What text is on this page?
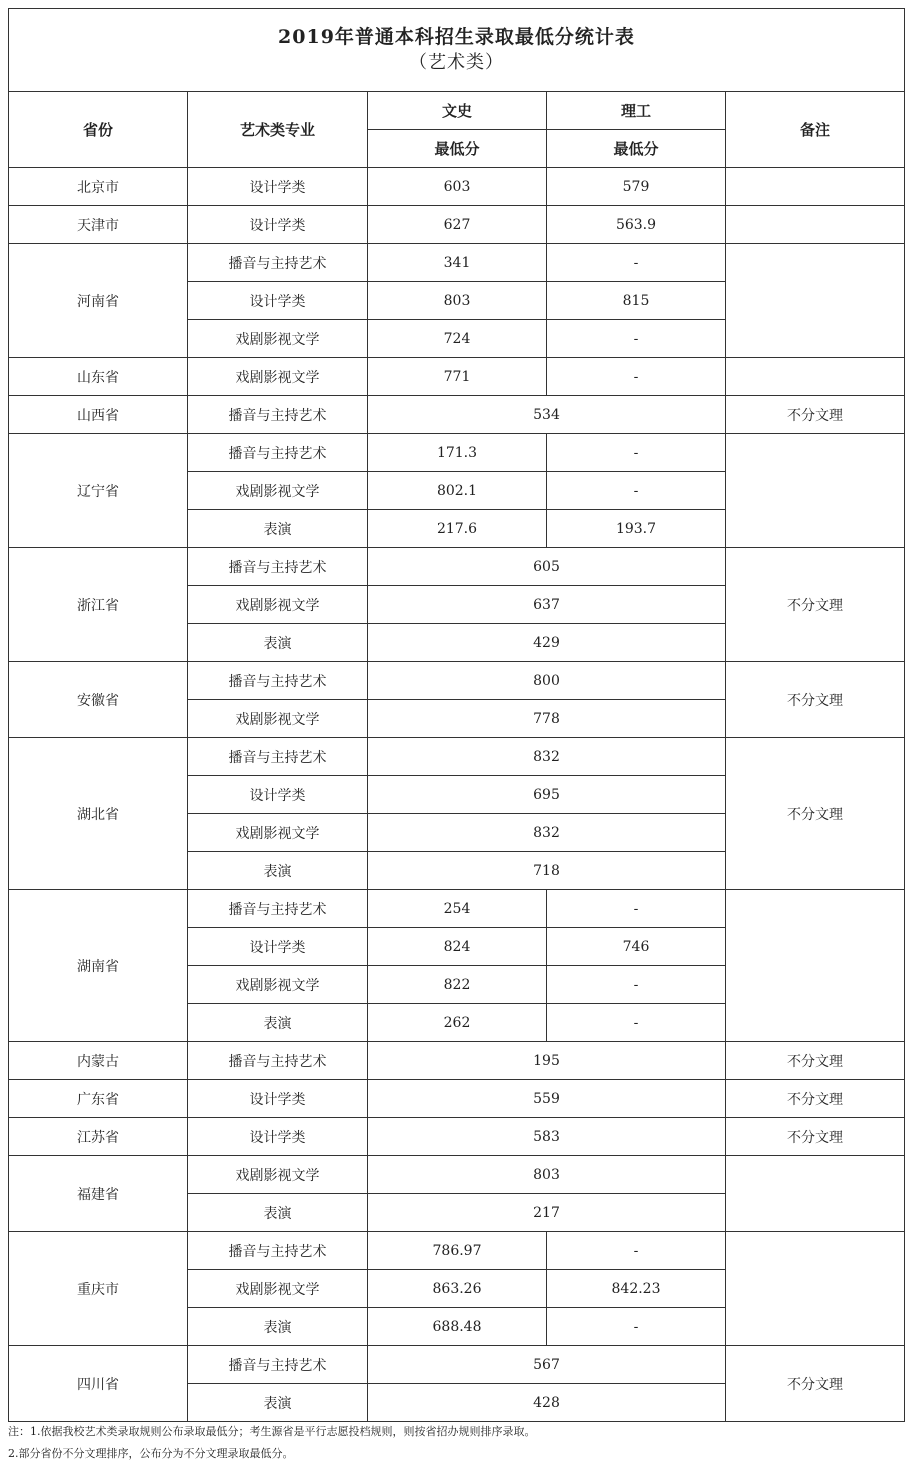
2019年普通本科招生录取最低分统计表
（艺术类）				

省份	艺术类专业	文史	理工	备注
		最低分	最低分	
北京市	设计学类	603	579	
天津市	设计学类	627	563.9	
河南省	播音与主持艺术	341	-	
	设计学类	803	815	
	戏剧影视文学	724	-	
山东省	戏剧影视文学	771	-	
山西省	播音与主持艺术	534		不分文理
辽宁省	播音与主持艺术	171.3	-	
	戏剧影视文学	802.1	-	
	表演	217.6	193.7	
浙江省	播音与主持艺术	605		不分文理
	戏剧影视文学	637		
	表演	429		
安徽省	播音与主持艺术	800		不分文理
	戏剧影视文学	778		
湖北省	播音与主持艺术	832		不分文理
	设计学类	695		
	戏剧影视文学	832		
	表演	718		
湖南省	播音与主持艺术	254	-	
	设计学类	824	746	
	戏剧影视文学	822	-	
	表演	262	-	
内蒙古	播音与主持艺术	195		不分文理
广东省	设计学类	559		不分文理
江苏省	设计学类	583		不分文理
福建省	戏剧影视文学	803		
	表演	217		
重庆市	播音与主持艺术	786.97	-	
	戏剧影视文学	863.26	842.23	
	表演	688.48	-	
四川省	播音与主持艺术	567		不分文理
	表演	428		
注：1.依据我校艺术类录取规则公布录取最低分；考生源省是平行志愿投档规则，则按省招办规则排序录取。
2.部分省份不分文理排序，公布分为不分文理录取最低分。
